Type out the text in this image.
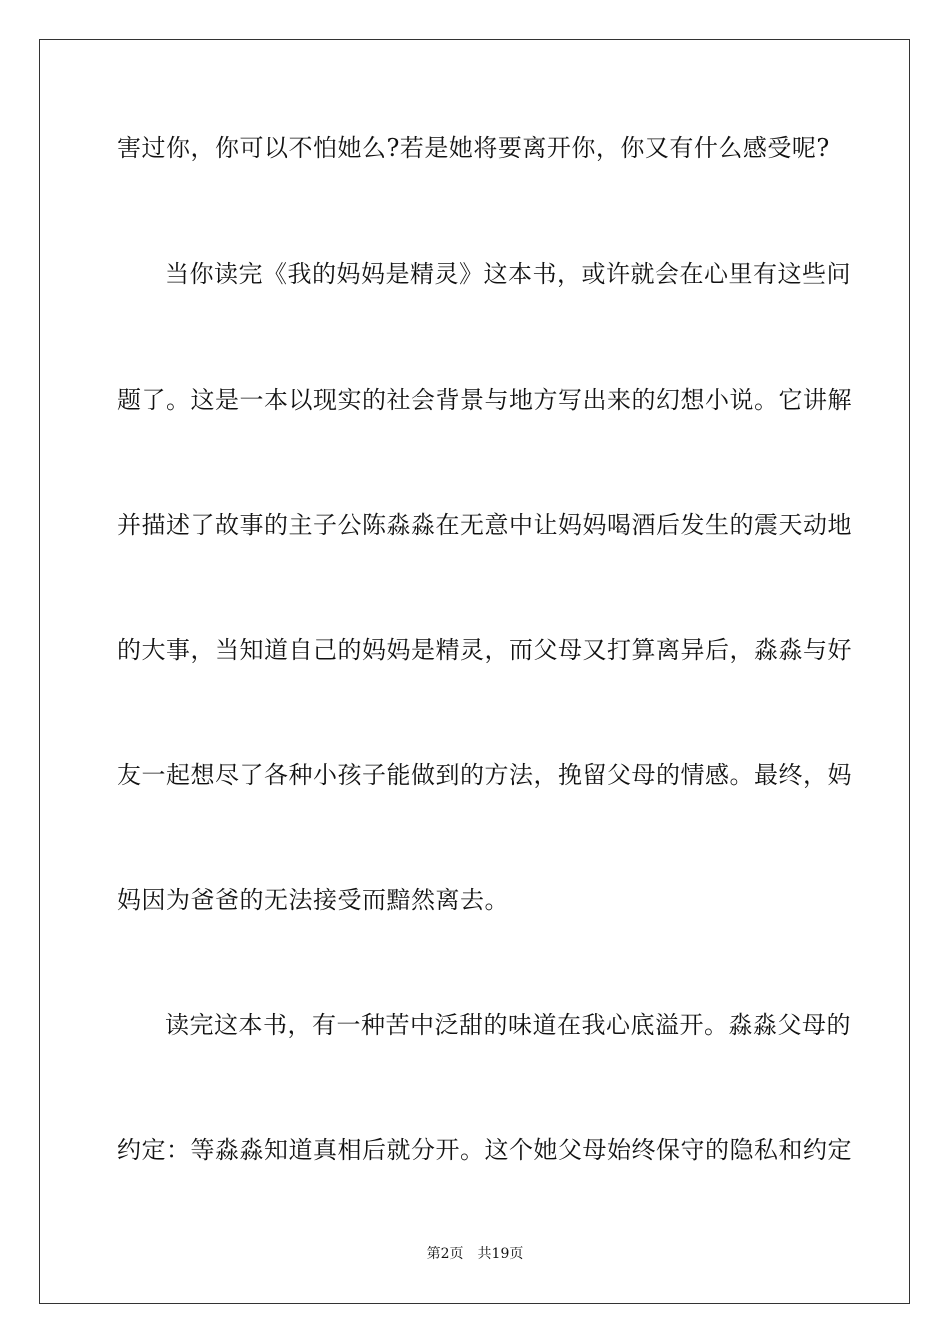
害过你，你可以不怕她么?若是她将要离开你，你又有什么感受呢?
当你读完《我的妈妈是精灵》这本书，或许就会在心里有这些问
题了。这是一本以现实的社会背景与地方写出来的幻想小说。它讲解
并描述了故事的主子公陈淼淼在无意中让妈妈喝酒后发生的震天动地
的大事，当知道自己的妈妈是精灵，而父母又打算离异后，淼淼与好
友一起想尽了各种小孩子能做到的方法，挽留父母的情感。最终，妈
妈因为爸爸的无法接受而黯然离去。
读完这本书，有一种苦中泛甜的味道在我心底溢开。淼淼父母的
约定：等淼淼知道真相后就分开。这个她父母始终保守的隐私和约定
第2页 共19页
